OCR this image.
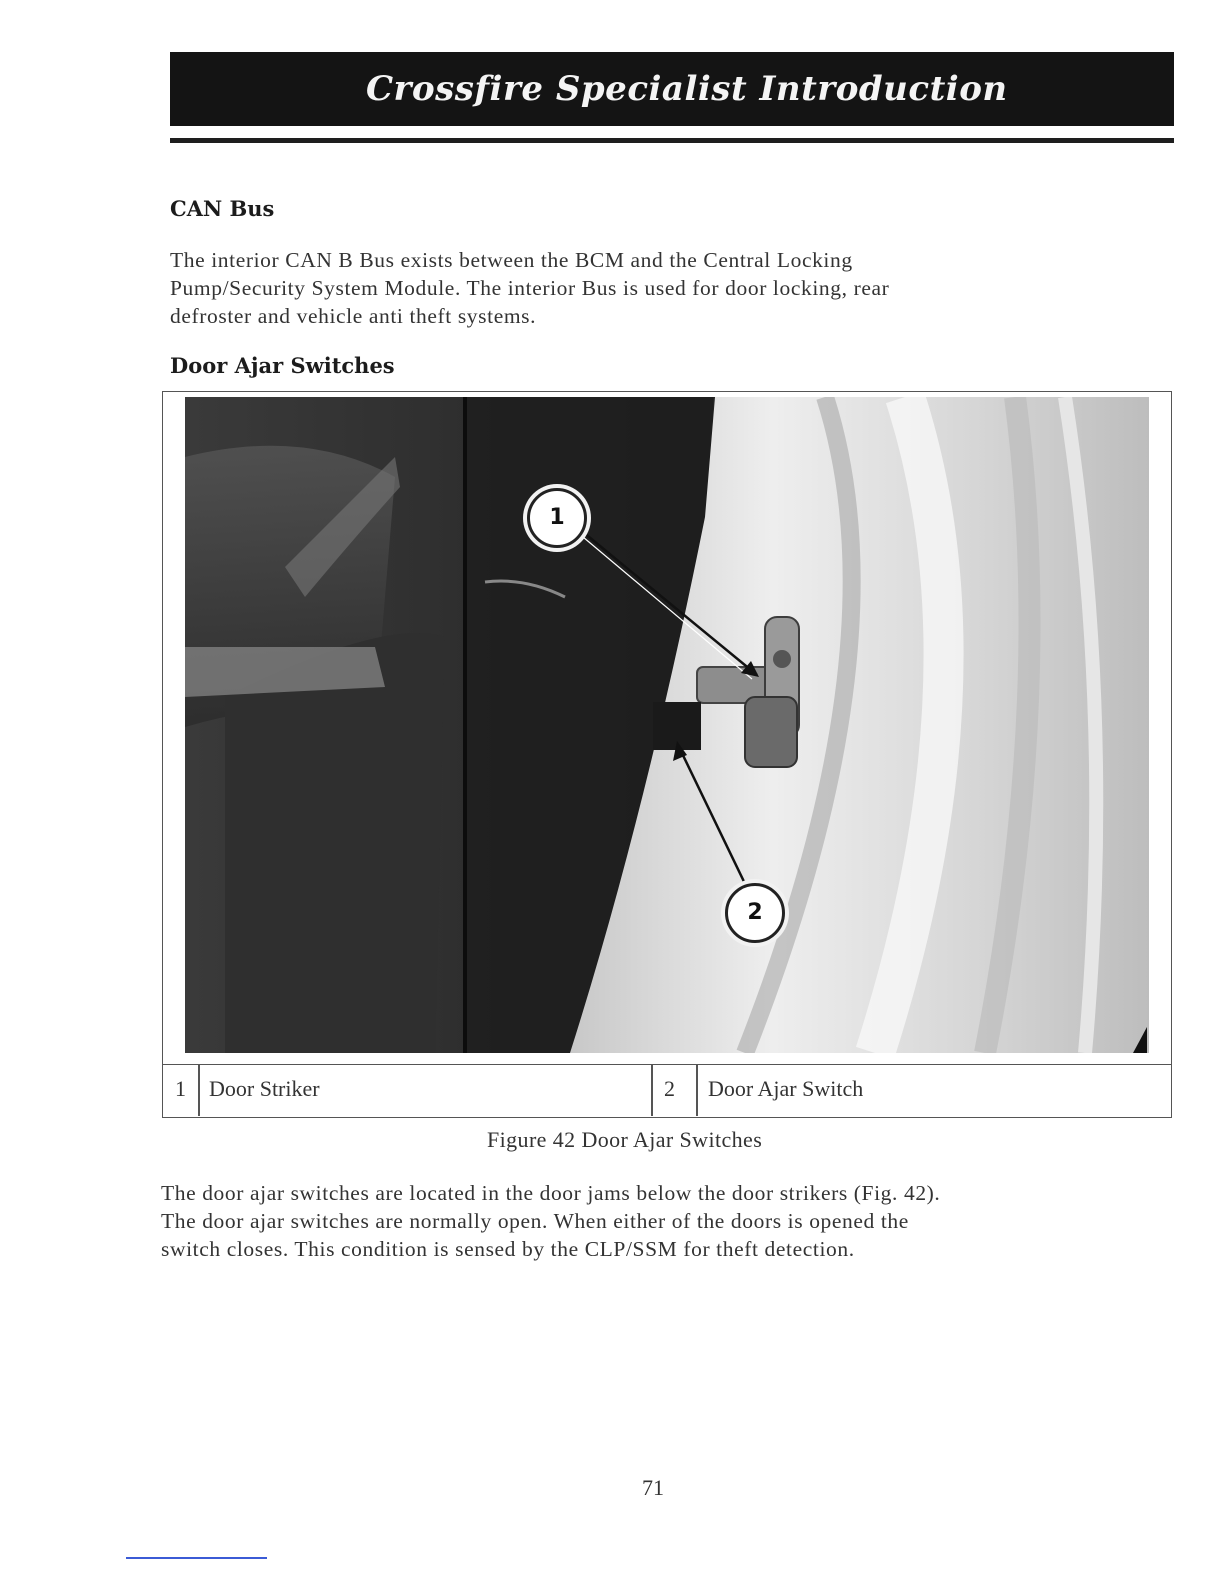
Crossfire Specialist Introduction
CAN Bus
The interior CAN B Bus exists between the BCM and the Central Locking
Pump/Security System Module. The interior Bus is used for door locking, rear
defroster and vehicle anti theft systems.
Door Ajar Switches
1
2
1 Door Striker	2 Door Ajar Switch
Figure 42 Door Ajar Switches
The door ajar switches are located in the door jams below the door strikers (Fig. 42).
The door ajar switches are normally open. When either of the doors is opened the
switch closes. This condition is sensed by the CLP/SSM for theft detection.
71
